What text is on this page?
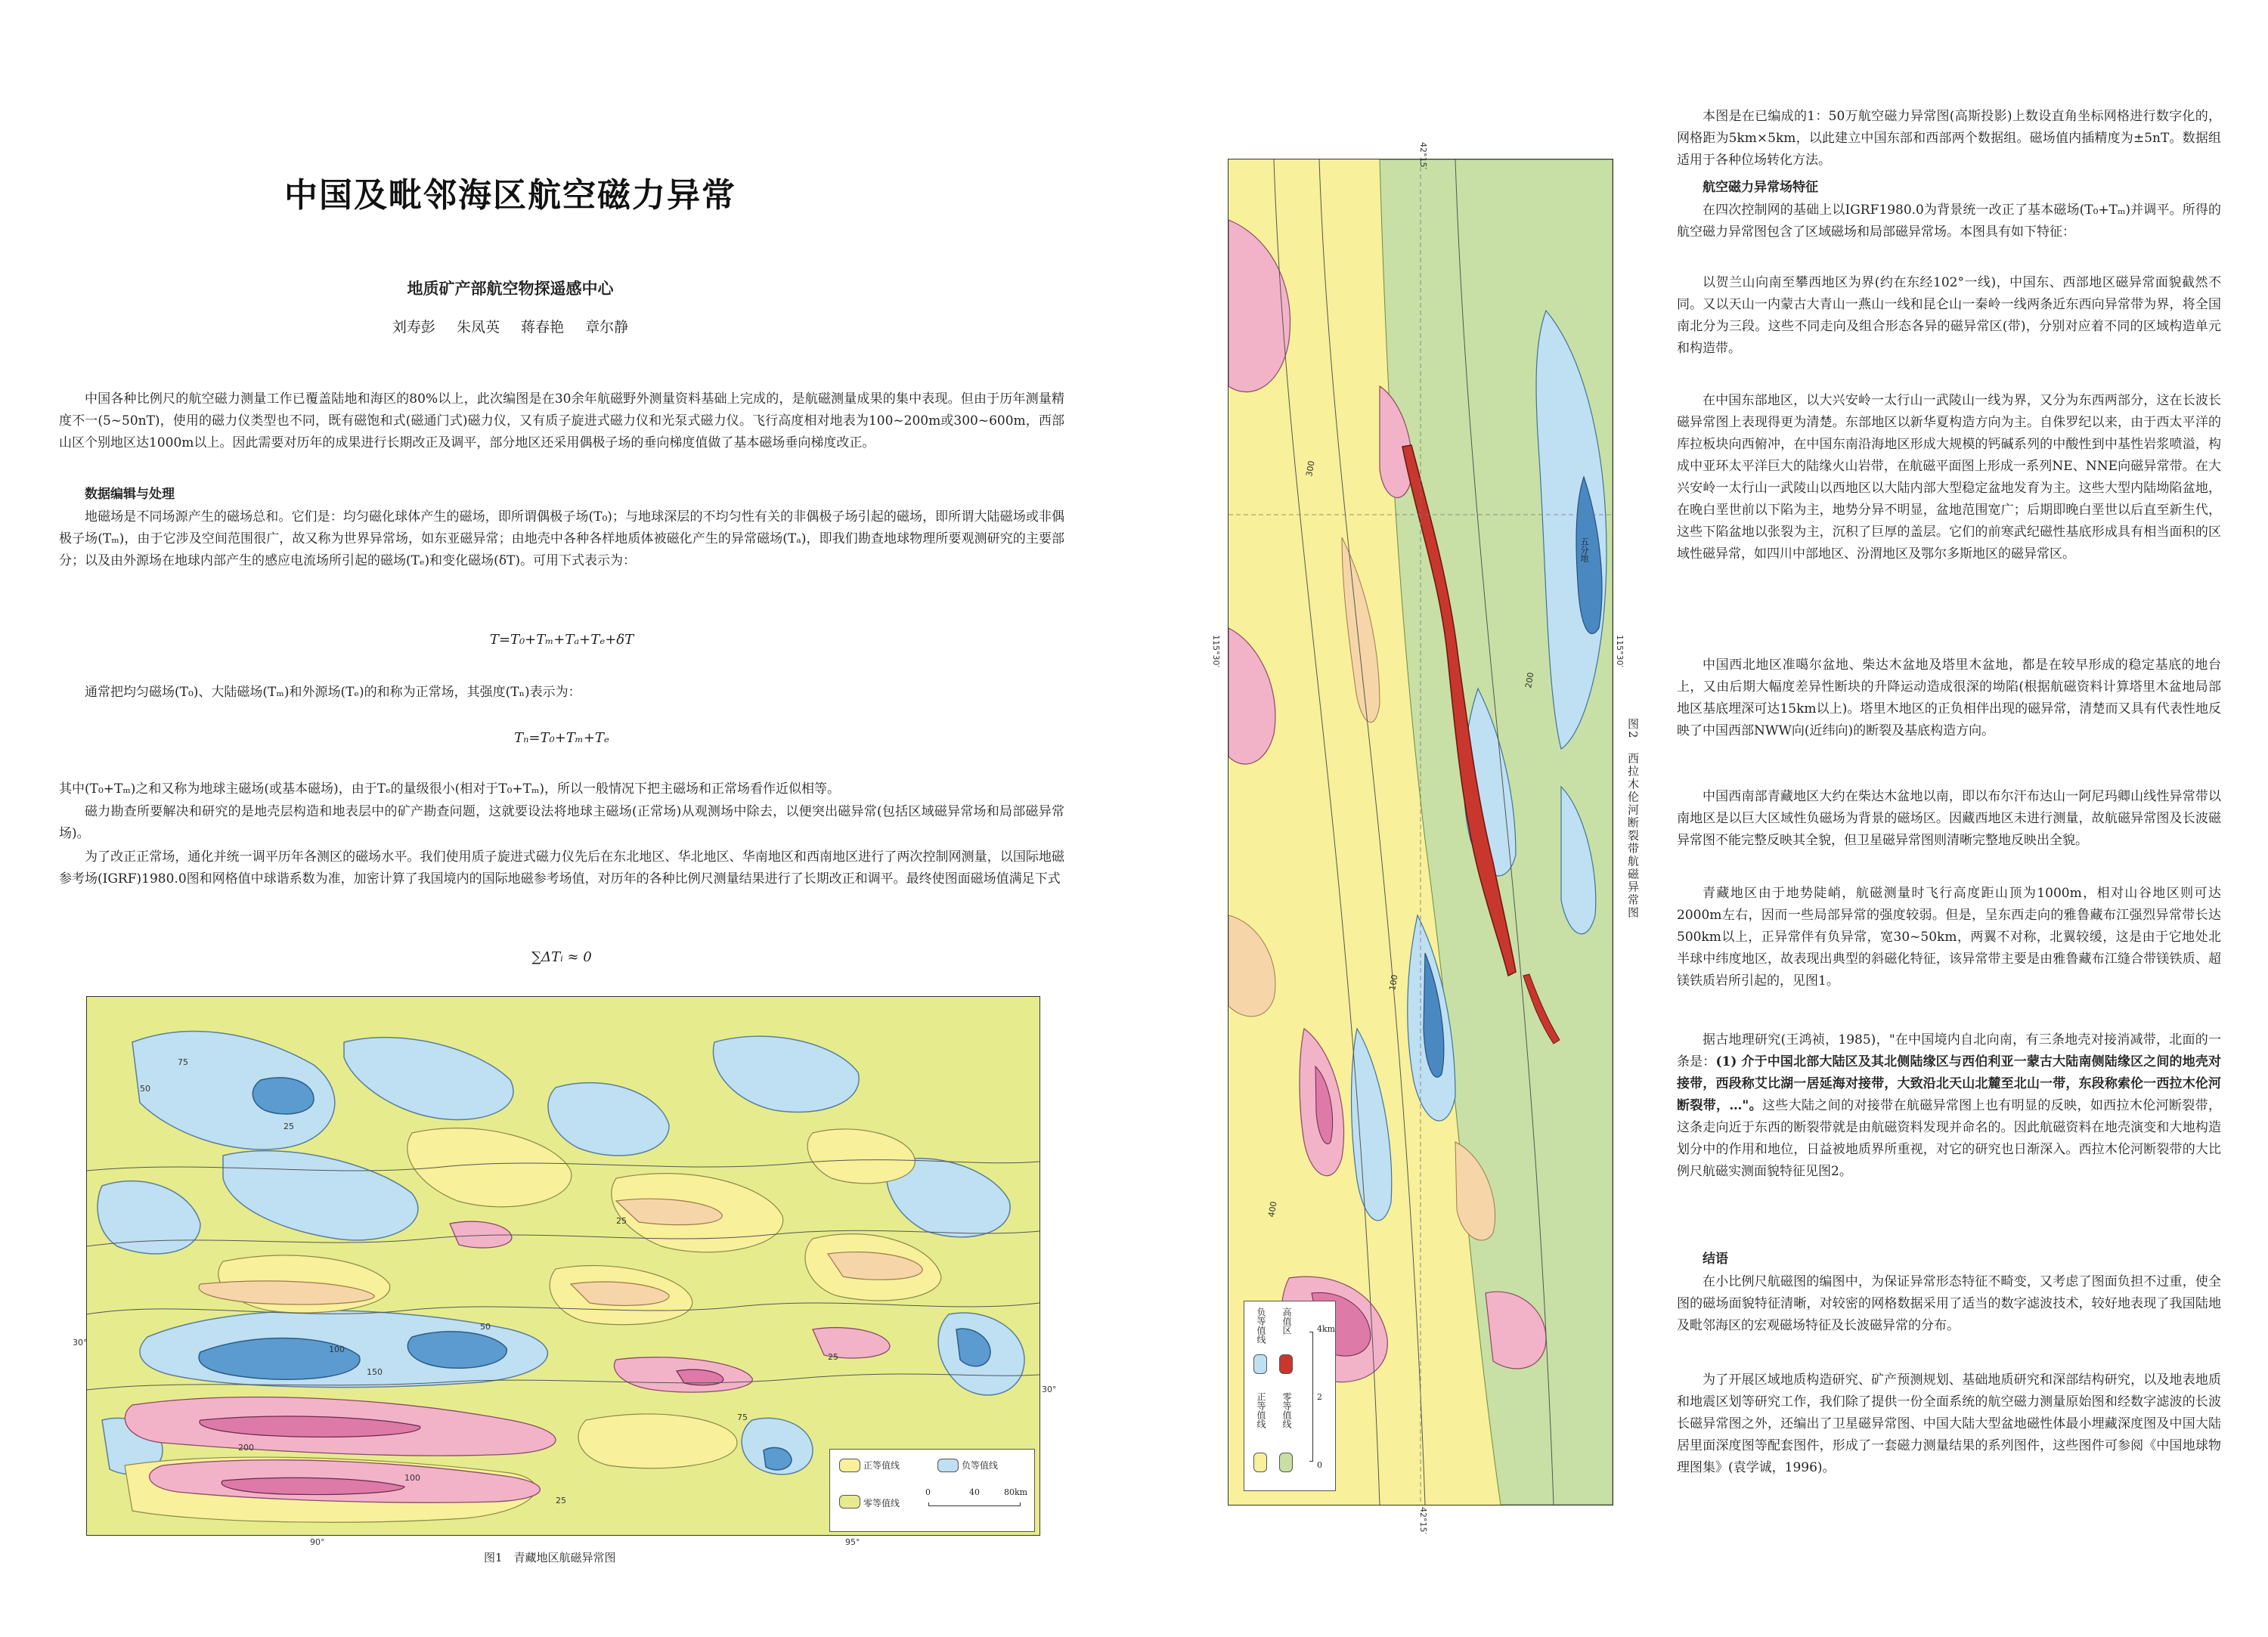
中国及毗邻海区航空磁力异常
地质矿产部航空物探遥感中心
刘寿彭 朱凤英 蒋春艳 章尔静

中国各种比例尺的航空磁力测量工作已覆盖陆地和海区的80%以上，此次编图是在30余年航磁野外测量资料基础上完成的，是航磁测量成果的集中表现。但由于历年测量精度不一(5~50nT)，使用的磁力仪类型也不同，既有磁饱和式(磁通门式)磁力仪，又有质子旋进式磁力仪和光泵式磁力仪。飞行高度相对地表为100~200m或300~600m，西部山区个别地区达1000m以上。因此需要对历年的成果进行长期改正及调平，部分地区还采用偶极子场的垂向梯度值做了基本磁场垂向梯度改正。

数据编辑与处理

地磁场是不同场源产生的磁场总和。它们是：均匀磁化球体产生的磁场，即所谓偶极子场(T₀)；与地球深层的不均匀性有关的非偶极子场引起的磁场，即所谓大陆磁场或非偶极子场(Tₘ)，由于它涉及空间范围很广，故又称为世界异常场，如东亚磁异常；由地壳中各种各样地质体被磁化产生的异常磁场(Tₐ)，即我们勘查地球物理所要观测研究的主要部分；以及由外源场在地球内部产生的感应电流场所引起的磁场(Tₑ)和变化磁场(δT)。可用下式表示为：

T=T₀+Tₘ+Tₐ+Tₑ+δT

通常把均匀磁场(T₀)、大陆磁场(Tₘ)和外源场(Tₑ)的和称为正常场，其强度(Tₙ)表示为：

Tₙ=T₀+Tₘ+Tₑ

其中(T₀+Tₘ)之和又称为地球主磁场(或基本磁场)，由于Tₑ的量级很小(相对于T₀+Tₘ)，所以一般情况下把主磁场和正常场看作近似相等。

磁力勘查所要解决和研究的是地壳层构造和地表层中的矿产勘查问题，这就要设法将地球主磁场(正常场)从观测场中除去，以便突出磁异常(包括区域磁异常场和局部磁异常场)。

为了改正正常场，通化并统一调平历年各测区的磁场水平。我们使用质子旋进式磁力仪先后在东北地区、华北地区、华南地区和西南地区进行了两次控制网测量，以国际地磁参考场(IGRF)1980.0图和网格值中球谐系数为准，加密计算了我国境内的国际地磁参考场值，对历年的各种比例尺测量结果进行了长期改正和调平。最终使图面磁场值满足下式

∑ΔTᵢ ≈ 0
75
50
25
100
150
50
25
75
25
100
25
200
正等值线	负等值线
零等值线
0	40	80km
30°
30°
90°	95°
图1　青藏地区航磁异常图
300
200
100
400
五分地
正等值线 零等值线
负等值线 高值区
0
2
4km
42°15′
42°15′
115°30′	115°30′
图2　西拉木伦河断裂带航磁异常图

本图是在已编成的1：50万航空磁力异常图(高斯投影)上数设直角坐标网格进行数字化的，网格距为5km×5km，以此建立中国东部和西部两个数据组。磁场值内插精度为±5nT。数据组适用于各种位场转化方法。

航空磁力异常场特征

在四次控制网的基础上以IGRF1980.0为背景统一改正了基本磁场(T₀+Tₘ)并调平。所得的航空磁力异常图包含了区域磁场和局部磁异常场。本图具有如下特征：

以贺兰山向南至攀西地区为界(约在东经102°一线)，中国东、西部地区磁异常面貌截然不同。又以天山一内蒙古大青山一燕山一线和昆仑山一秦岭一线两条近东西向异常带为界，将全国南北分为三段。这些不同走向及组合形态各异的磁异常区(带)，分别对应着不同的区域构造单元和构造带。

在中国东部地区，以大兴安岭一太行山一武陵山一线为界，又分为东西两部分，这在长波长磁异常图上表现得更为清楚。东部地区以新华夏构造方向为主。自侏罗纪以来，由于西太平洋的库拉板块向西俯冲，在中国东南沿海地区形成大规模的钙碱系列的中酸性到中基性岩浆喷溢，构成中亚环太平洋巨大的陆缘火山岩带，在航磁平面图上形成一系列NE、NNE向磁异常带。在大兴安岭一太行山一武陵山以西地区以大陆内部大型稳定盆地发育为主。这些大型内陆坳陷盆地，在晚白垩世前以下陷为主，地势分异不明显，盆地范围宽广；后期即晚白垩世以后直至新生代，这些下陷盆地以张裂为主，沉积了巨厚的盖层。它们的前寒武纪磁性基底形成具有相当面积的区域性磁异常，如四川中部地区、汾渭地区及鄂尔多斯地区的磁异常区。

中国西北地区准噶尔盆地、柴达木盆地及塔里木盆地，都是在较早形成的稳定基底的地台上，又由后期大幅度差异性断块的升降运动造成很深的坳陷(根据航磁资料计算塔里木盆地局部地区基底埋深可达15km以上)。塔里木地区的正负相伴出现的磁异常，清楚而又具有代表性地反映了中国西部NWW向(近纬向)的断裂及基底构造方向。

中国西南部青藏地区大约在柴达木盆地以南，即以布尔汗布达山一阿尼玛卿山线性异常带以南地区是以巨大区域性负磁场为背景的磁场区。因藏西地区未进行测量，故航磁异常图及长波磁异常图不能完整反映其全貌，但卫星磁异常图则清晰完整地反映出全貌。

青藏地区由于地势陡峭，航磁测量时飞行高度距山顶为1000m，相对山谷地区则可达2000m左右，因而一些局部异常的强度较弱。但是，呈东西走向的雅鲁藏布江强烈异常带长达500km以上，正异常伴有负异常，宽30~50km，两翼不对称，北翼较缓，这是由于它地处北半球中纬度地区，故表现出典型的斜磁化特征，该异常带主要是由雅鲁藏布江缝合带镁铁质、超镁铁质岩所引起的，见图1。

据古地理研究(王鸿祯，1985)，"在中国境内自北向南，有三条地壳对接消减带，北面的一条是：(1) 介于中国北部大陆区及其北侧陆缘区与西伯利亚一蒙古大陆南侧陆缘区之间的地壳对接带，西段称艾比湖一居延海对接带，大致沿北天山北麓至北山一带，东段称索伦一西拉木伦河断裂带，…"。这些大陆之间的对接带在航磁异常图上也有明显的反映，如西拉木伦河断裂带，这条走向近于东西的断裂带就是由航磁资料发现并命名的。因此航磁资料在地壳演变和大地构造划分中的作用和地位，日益被地质界所重视，对它的研究也日渐深入。西拉木伦河断裂带的大比例尺航磁实测面貌特征见图2。

结语

在小比例尺航磁图的编图中，为保证异常形态特征不畸变，又考虑了图面负担不过重，使全图的磁场面貌特征清晰，对较密的网格数据采用了适当的数字滤波技术，较好地表现了我国陆地及毗邻海区的宏观磁场特征及长波磁异常的分布。

为了开展区域地质构造研究、矿产预测规划、基础地质研究和深部结构研究，以及地表地质和地震区划等研究工作，我们除了提供一份全面系统的航空磁力测量原始图和经数字滤波的长波长磁异常图之外，还编出了卫星磁异常图、中国大陆大型盆地磁性体最小埋藏深度图及中国大陆居里面深度图等配套图件，形成了一套磁力测量结果的系列图件，这些图件可参阅《中国地球物理图集》(袁学诚，1996)。
